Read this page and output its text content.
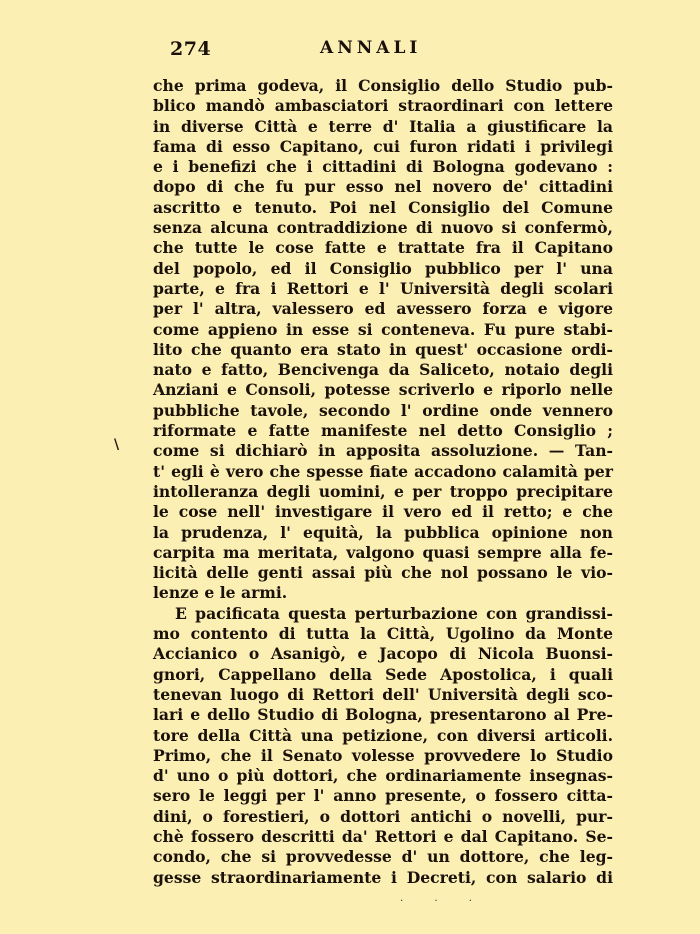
274	ANNALI
\
che prima godeva, il Consiglio dello Studio pub-
blico mandò ambasciatori straordinari con lettere
in diverse Città e terre d' Italia a giustificare la
fama di esso Capitano, cui furon ridati i privilegi
e i benefizi che i cittadini di Bologna godevano :
dopo di che fu pur esso nel novero de' cittadini
ascritto e tenuto. Poi nel Consiglio del Comune
senza alcuna contraddizione di nuovo si confermò,
che tutte le cose fatte e trattate fra il Capitano
del popolo, ed il Consiglio pubblico per l' una
parte, e fra i Rettori e l' Università degli scolari
per l' altra, valessero ed avessero forza e vigore
come appieno in esse si conteneva. Fu pure stabi-
lito che quanto era stato in quest' occasione ordi-
nato e fatto, Bencivenga da Saliceto, notaio degli
Anziani e Consoli, potesse scriverlo e riporlo nelle
pubbliche tavole, secondo l' ordine onde vennero
riformate e fatte manifeste nel detto Consiglio ;
come si dichiarò in apposita assoluzione. — Tan-
t' egli è vero che spesse fiate accadono calamità per
intolleranza degli uomini, e per troppo precipitare
le cose nell' investigare il vero ed il retto; e che
la prudenza, l' equità, la pubblica opinione non
carpita ma meritata, valgono quasi sempre alla fe-
licità delle genti assai più che nol possano le vio-
lenze e le armi.
E pacificata questa perturbazione con grandissi-
mo contento di tutta la Città, Ugolino da Monte
Accianico o Asanigò, e Jacopo di Nicola Buonsi-
gnori, Cappellano della Sede Apostolica, i quali
tenevan luogo di Rettori dell' Università degli sco-
lari e dello Studio di Bologna, presentarono al Pre-
tore della Città una petizione, con diversi articoli.
Primo, che il Senato volesse provvedere lo Studio
d' uno o più dottori, che ordinariamente insegnas-
sero le leggi per l' anno presente, o fossero citta-
dini, o forestieri, o dottori antichi o novelli, pur-
chè fossero descritti da' Rettori e dal Capitano. Se-
condo, che si provvedesse d' un dottore, che leg-
gesse straordinariamente i Decreti, con salario di
. . .
